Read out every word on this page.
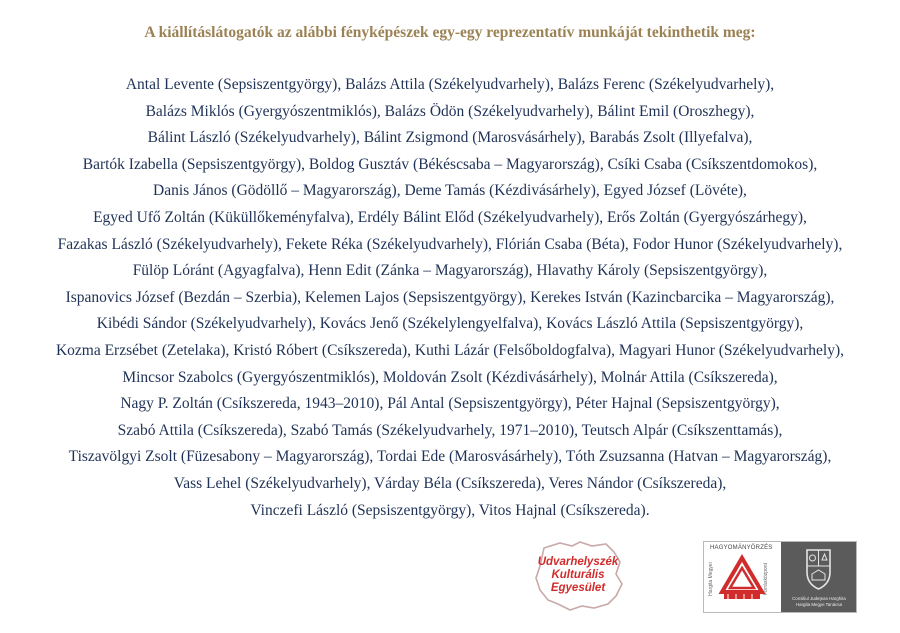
A kiállításlátogatók az alábbi fényképészek egy-egy reprezentatív munkáját tekinthetik meg:
Antal Levente (Sepsiszentgyörgy), Balázs Attila (Székelyudvarhely), Balázs Ferenc (Székelyudvarhely),
Balázs Miklós (Gyergyószentmiklós), Balázs Ödön (Székelyudvarhely), Bálint Emil (Oroszhegy),
Bálint László (Székelyudvarhely), Bálint Zsigmond (Marosvásárhely), Barabás Zsolt (Illyefalva),
Bartók Izabella (Sepsiszentgyörgy), Boldog Gusztáv (Békéscsaba – Magyarország), Csíki Csaba (Csíkszentdomokos),
Danis János (Gödöllő – Magyarország), Deme Tamás (Kézdivásárhely), Egyed József (Lövéte),
Egyed Ufő Zoltán (Küküllőkeményfalva), Erdély Bálint Előd (Székelyudvarhely), Erős Zoltán (Gyergyószárhegy),
Fazakas László (Székelyudvarhely), Fekete Réka (Székelyudvarhely), Flórián Csaba (Béta), Fodor Hunor (Székelyudvarhely),
Fülöp Lóránt (Agyagfalva), Henn Edit (Zánka – Magyarország), Hlavathy Károly (Sepsiszentgyörgy),
Ispanovics József (Bezdán – Szerbia), Kelemen Lajos (Sepsiszentgyörgy), Kerekes István (Kazincbarcika – Magyarország),
Kibédi Sándor (Székelyudvarhely), Kovács Jenő (Székelylengyelfalva), Kovács László Attila (Sepsiszentgyörgy),
Kozma Erzsébet (Zetelaka), Kristó Róbert (Csíkszereda), Kuthi Lázár (Felsőboldogfalva), Magyari Hunor (Székelyudvarhely),
Mincsor Szabolcs (Gyergyószentmiklós), Moldován Zsolt (Kézdivásárhely), Molnár Attila (Csíkszereda),
Nagy P. Zoltán (Csíkszereda, 1943–2010), Pál Antal (Sepsiszentgyörgy), Péter Hajnal (Sepsiszentgyörgy),
Szabó Attila (Csíkszereda), Szabó Tamás (Székelyudvarhely, 1971–2010), Teutsch Alpár (Csíkszenttamás),
Tiszavölgyi Zsolt (Füzesabony – Magyarország), Tordai Ede (Marosvásárhely), Tóth Zsuzsanna (Hatvan – Magyarország),
Vass Lehel (Székelyudvarhely), Várday Béla (Csíkszereda), Veres Nándor (Csíkszereda),
Vinczefi László (Sepsiszentgyörgy), Vitos Hajnal (Csíkszereda).
Udvarhelyszék
Kulturális
Egyesület
HAGYOMÁNYŐRZÉS
Hargita Megyei	Forrásközpont
Consiliul Judeţean Harghita
Hargita Megye Tanácsa
